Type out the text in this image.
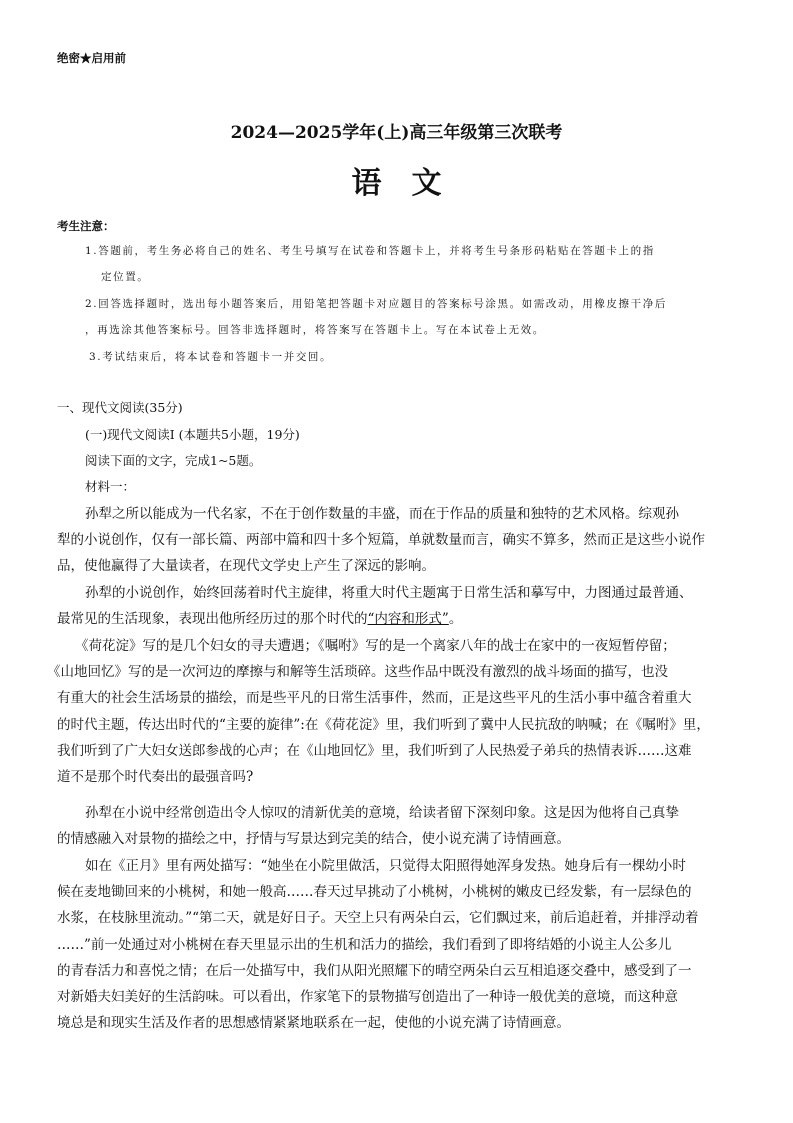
绝密★启用前
2024—2025学年(上)高三年级第三次联考
语文
考生注意：
1.答题前，考生务必将自己的姓名、考生号填写在试卷和答题卡上，并将考生号条形码粘贴在答题卡上的指
定位置。
2.回答选择题时，选出每小题答案后，用铅笔把答题卡对应题目的答案标号涂黑。如需改动，用橡皮擦干净后
，再选涂其他答案标号。回答非选择题时，将答案写在答题卡上。写在本试卷上无效。
3.考试结束后，将本试卷和答题卡一并交回。
一、现代文阅读(35分)
(一)现代文阅读Ⅰ (本题共5小题，19分)
阅读下面的文字，完成1~5题。
材料一：
孙犁之所以能成为一代名家，不在于创作数量的丰盛，而在于作品的质量和独特的艺术风格。综观孙
犁的小说创作，仅有一部长篇、两部中篇和四十多个短篇，单就数量而言，确实不算多，然而正是这些小说作
品，使他赢得了大量读者，在现代文学史上产生了深远的影响。
孙犁的小说创作，始终回荡着时代主旋律，将重大时代主题寓于日常生活和摹写中，力图通过最普通、
最常见的生活现象，表现出他所经历过的那个时代的“内容和形式”。
《荷花淀》写的是几个妇女的寻夫遭遇；《嘱咐》写的是一个离家八年的战士在家中的一夜短暂停留；
《山地回忆》写的是一次河边的摩擦与和解等生活琐碎。这些作品中既没有激烈的战斗场面的描写，也没
有重大的社会生活场景的描绘，而是些平凡的日常生活事件，然而，正是这些平凡的生活小事中蕴含着重大
的时代主题，传达出时代的“主要的旋律”:在《荷花淀》里，我们听到了冀中人民抗敌的呐喊；在《嘱咐》里，
我们听到了广大妇女送郎参战的心声；在《山地回忆》里，我们听到了人民热爱子弟兵的热情表诉……这难
道不是那个时代奏出的最强音吗?
孙犁在小说中经常创造出令人惊叹的清新优美的意境，给读者留下深刻印象。这是因为他将自己真挚
的情感融入对景物的描绘之中，抒情与写景达到完美的结合，使小说充满了诗情画意。
如在《正月》里有两处描写：“她坐在小院里做活，只觉得太阳照得她浑身发热。她身后有一棵幼小时
候在麦地锄回来的小桃树，和她一般高……春天过早挑动了小桃树，小桃树的嫩皮已经发紫，有一层绿色的
水浆，在枝脉里流动。”“第二天，就是好日子。天空上只有两朵白云，它们飘过来，前后追赶着，并排浮动着
……”前一处通过对小桃树在春天里显示出的生机和活力的描绘，我们看到了即将结婚的小说主人公多儿
的青春活力和喜悦之情；在后一处描写中，我们从阳光照耀下的晴空两朵白云互相追逐交叠中，感受到了一
对新婚夫妇美好的生活韵味。可以看出，作家笔下的景物描写创造出了一种诗一般优美的意境，而这种意
境总是和现实生活及作者的思想感情紧紧地联系在一起，使他的小说充满了诗情画意。
